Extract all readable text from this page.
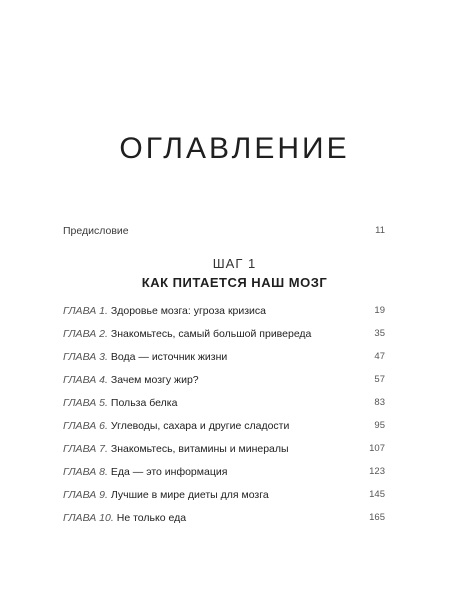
ОГЛАВЛЕНИЕ
Предисловие	11
ШАГ 1
КАК ПИТАЕТСЯ НАШ МОЗГ
ГЛАВА 1. Здоровье мозга: угроза кризиса	19
ГЛАВА 2. Знакомьтесь, самый большой привереда	35
ГЛАВА 3. Вода — источник жизни	47
ГЛАВА 4. Зачем мозгу жир?	57
ГЛАВА 5. Польза белка	83
ГЛАВА 6. Углеводы, сахара и другие сладости	95
ГЛАВА 7. Знакомьтесь, витамины и минералы	107
ГЛАВА 8. Еда — это информация	123
ГЛАВА 9. Лучшие в мире диеты для мозга	145
ГЛАВА 10. Не только еда	165
